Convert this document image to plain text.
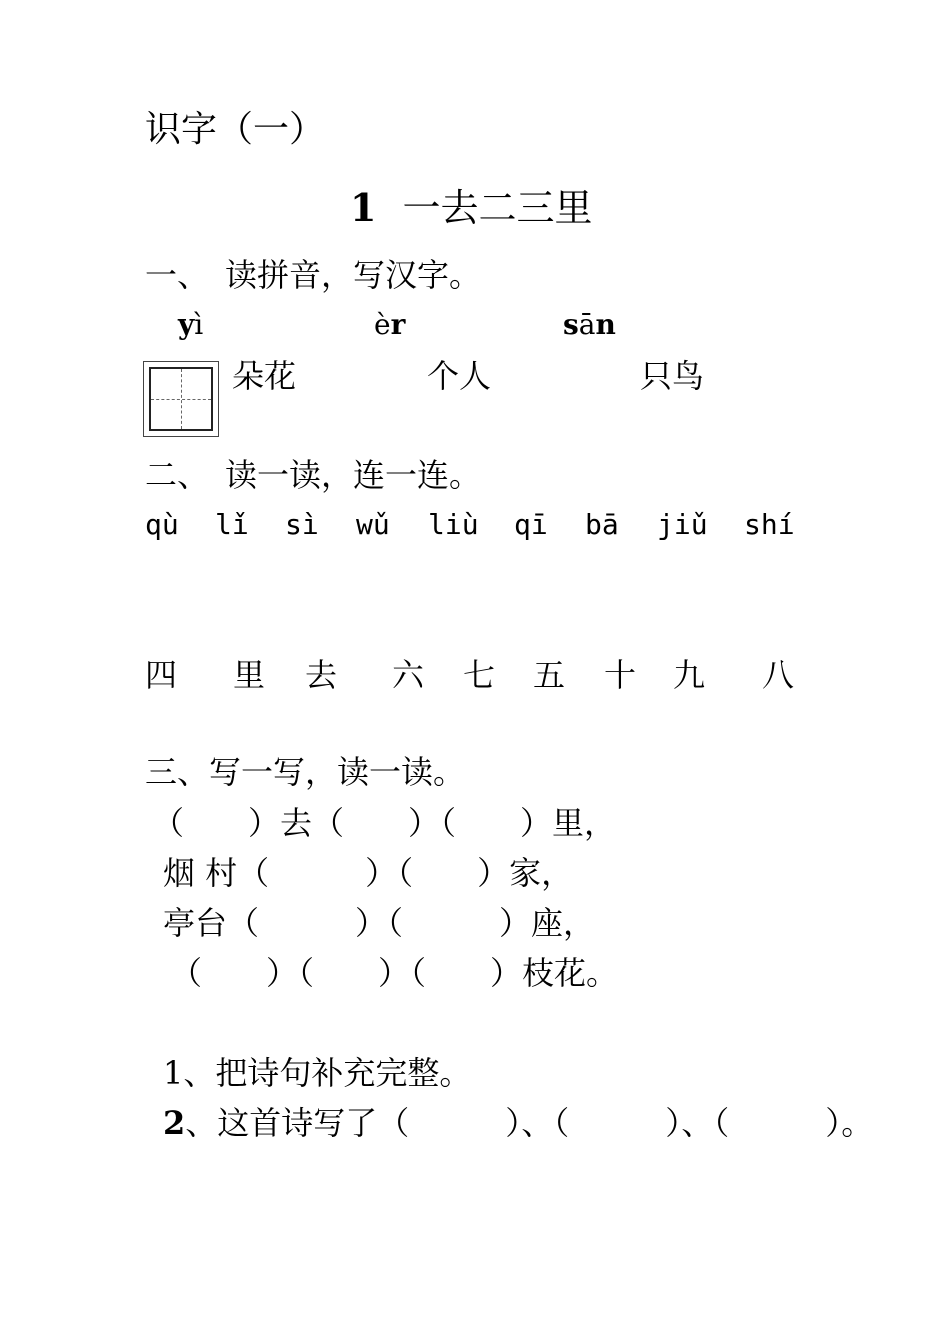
识字（一）
1 一去二三里
一、　读拼音，写汉字。
yì	èr	sān
朵花	个人	只鸟
二、　读一读，连一连。
qù lǐ sì wǔ liù qī bā jiǔ shí
四 里 去 六 七 五 十 九 八
三、写一写，读一读。
（　　）去（　　）（　　）里，
烟 村（　　　）（　　）家，
亭台（　　　）（　　　）座，
（　　）（　　）（　　）枝花。
1、把诗句补充完整。
2、这首诗写了（　　　）、（　　　）、（　　　）。
